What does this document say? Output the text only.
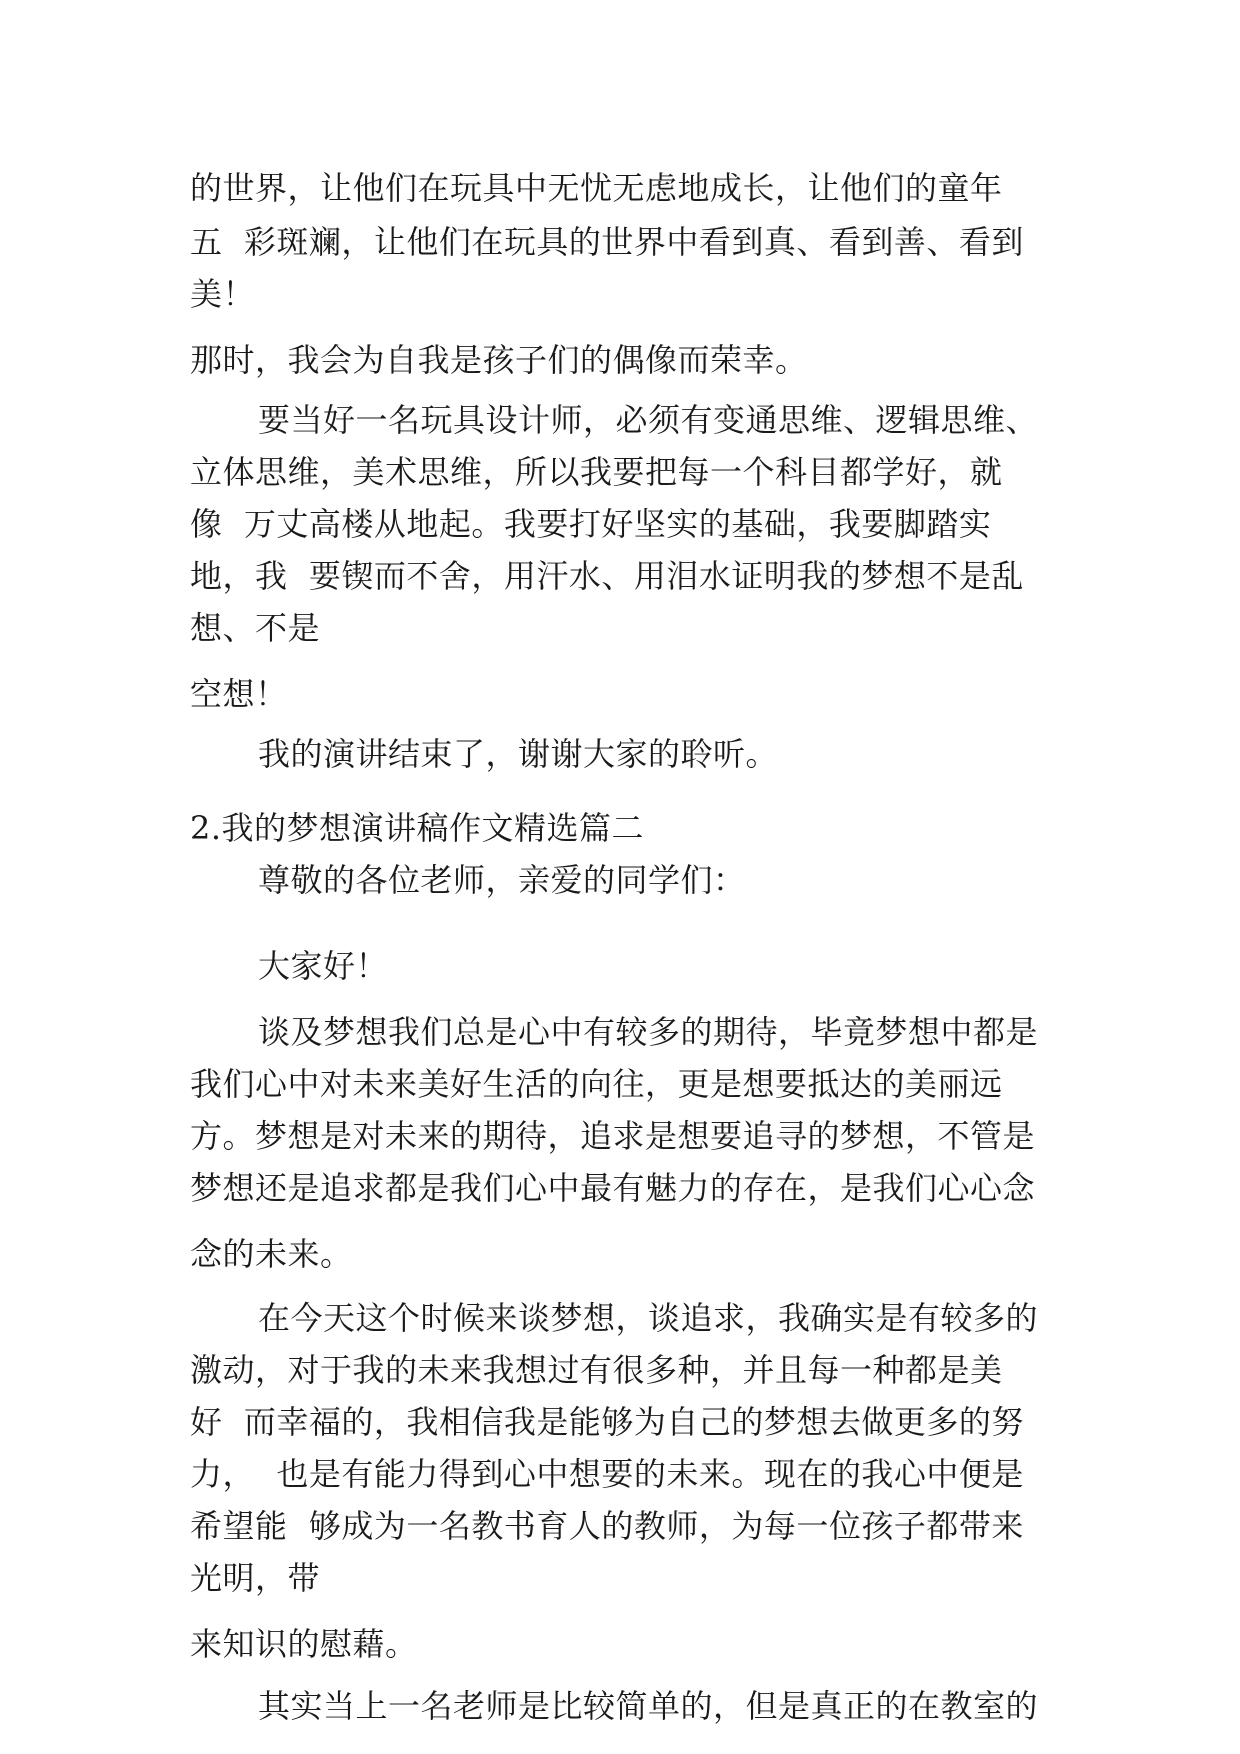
的世界，让他们在玩具中无忧无虑地成长，让他们的童年
五  彩斑斓，让他们在玩具的世界中看到真、看到善、看到
美！
那时，我会为自我是孩子们的偶像而荣幸。
要当好一名玩具设计师，必须有变通思维、逻辑思维、
立体思维，美术思维，所以我要把每一个科目都学好，就
像  万丈高楼从地起。我要打好坚实的基础，我要脚踏实
地，我  要锲而不舍，用汗水、用泪水证明我的梦想不是乱
想、不是
空想！
我的演讲结束了，谢谢大家的聆听。
2.我的梦想演讲稿作文精选篇二
尊敬的各位老师，亲爱的同学们：
大家好！
谈及梦想我们总是心中有较多的期待，毕竟梦想中都是
我们心中对未来美好生活的向往，更是想要抵达的美丽远
方。梦想是对未来的期待，追求是想要追寻的梦想，不管是
梦想还是追求都是我们心中最有魅力的存在，是我们心心念
念的未来。
在今天这个时候来谈梦想，谈追求，我确实是有较多的
激动，对于我的未来我想过有很多种，并且每一种都是美
好  而幸福的，我相信我是能够为自己的梦想去做更多的努
力，  也是有能力得到心中想要的未来。现在的我心中便是
希望能  够成为一名教书育人的教师，为每一位孩子都带来
光明，带
来知识的慰藉。
其实当上一名老师是比较简单的，但是真正的在教室的
